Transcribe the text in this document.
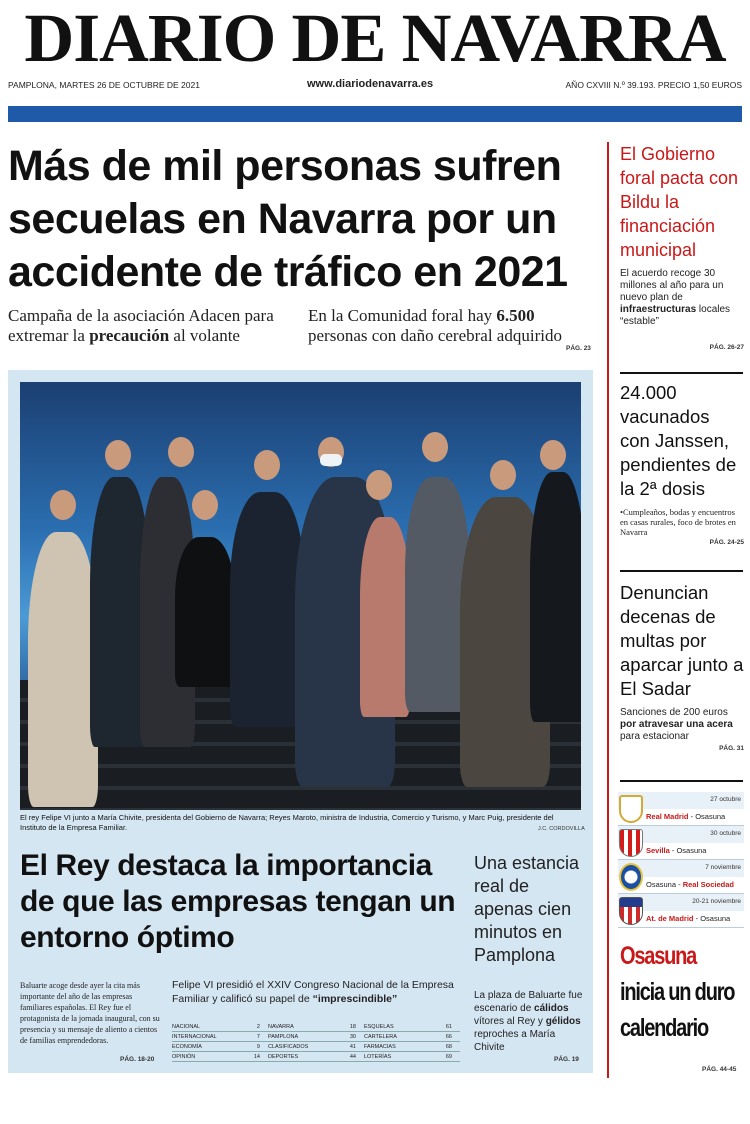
DIARIO DE NAVARRA
PAMPLONA, MARTES 26 DE OCTUBRE DE 2021	www.diariodenavarra.es	AÑO CXVIII N.º 39.193. PRECIO 1,50 EUROS
Más de mil personas sufren secuelas en Navarra por un accidente de tráfico en 2021

Campaña de la asociación Adacen para extremar la precaución al volante

En la Comunidad foral hay 6.500 personas con daño cerebral adquirido

PÁG. 23

El rey Felipe VI junto a María Chivite, presidenta del Gobierno de Navarra; Reyes Maroto, ministra de Industria, Comercio y Turismo, y Marc Puig, presidente del Instituto de la Empresa Familiar.	J.C. CORDOVILLA
El Rey destaca la importancia de que las empresas tengan un entorno óptimo

Una estancia real de apenas cien minutos en Pamplona

Baluarte acoge desde ayer la cita más importante del año de las empresas familiares españolas. El Rey fue el protagonista de la jornada inaugural, con su presencia y su mensaje de aliento a cientos de familias emprendedoras.

PÁG. 18-20

Felipe VI presidió el XXIV Congreso Nacional de la Empresa Familiar y calificó su papel de “imprescindible”	La plaza de Baluarte fue escenario de cálidos vítores al Rey y gélidos reproches a María Chivite

PÁG. 19
NACIONAL	2 NAVARRA	18 ESQUELAS	61
INTERNACIONAL	7 PAMPLONA	30 CARTELERA	66
ECONOMÍA	9 CLASIFICADOS	41 FARMACIAS	68
OPINIÓN	14 DEPORTES	44 LOTERÍAS	69
El Gobierno foral pacta con Bildu la financiación municipal

El acuerdo recoge 30 millones al año para un nuevo plan de infraestructuras locales “estable”

PÁG. 26-27
24.000 vacunados con Janssen, pendientes de la 2ª dosis

•Cumpleaños, bodas y encuentros en casas rurales, foco de brotes en Navarra

PÁG. 24-25
Denuncian decenas de multas por aparcar junto a El Sadar

Sanciones de 200 euros por atravesar una acera para estacionar

PÁG. 31
27 octubre
Real Madrid - Osasuna
30 octubre
Sevilla - Osasuna
7 noviembre
Osasuna - Real Sociedad
20-21 noviembre
At. de Madrid - Osasuna
Osasuna
inicia un duro calendario
PÁG. 44-45
